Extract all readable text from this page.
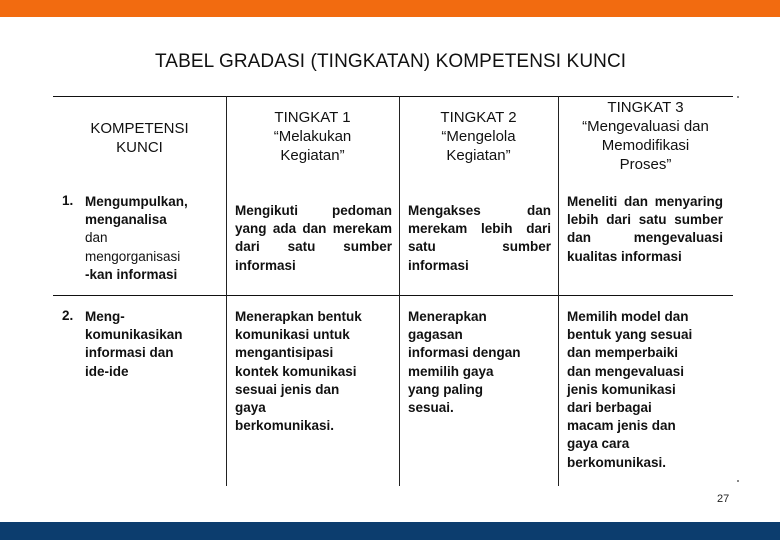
TABEL GRADASI (TINGKATAN) KOMPETENSI KUNCI
KOMPETENSI
KUNCI
TINGKAT 1
“Melakukan
Kegiatan”
TINGKAT 2
“Mengelola
Kegiatan”
TINGKAT 3
“Mengevaluasi dan
Memodifikasi
Proses”
1. Mengumpulkan,
menganalisa
dan
mengorganisasi
-kan informasi
Mengikuti pedoman yang ada dan merekam dari satu sumber informasi
Mengakses dan merekam lebih dari satu sumber informasi
Meneliti dan menyaring lebih dari satu sumber dan mengevaluasi kualitas informasi
2. Meng-
komunikasikan
informasi dan
ide-ide
Menerapkan bentuk
komunikasi untuk
mengantisipasi
kontek komunikasi
sesuai jenis dan
gaya
berkomunikasi.
Menerapkan
gagasan
informasi dengan
memilih gaya
yang paling
sesuai.
Memilih model dan
bentuk yang sesuai
dan memperbaiki
dan mengevaluasi
jenis komunikasi
dari berbagai
macam jenis dan
gaya cara
berkomunikasi.
27
